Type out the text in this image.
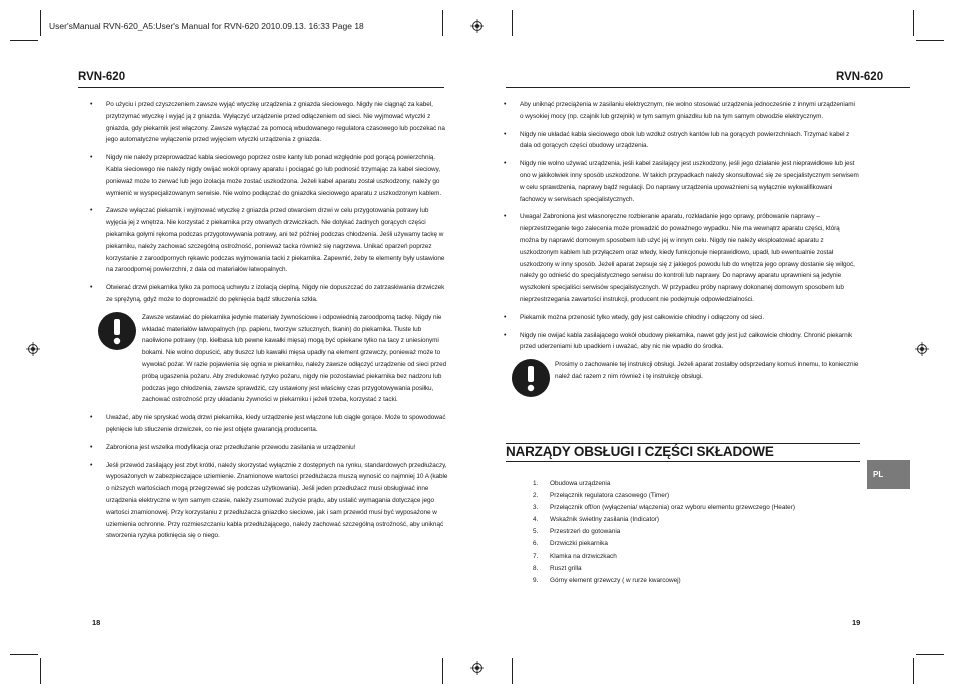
User'sManual RVN-620_A5:User's Manual for RVN-620 2010.09.13. 16:33 Page 18
RVN-620
• Po użyciu i przed czyszczeniem zawsze wyjąć wtyczkę urządzenia z gniazda sieciowego. Nigdy nie ciągnąć za kabel, przytrzymać wtyczkę i wyjąć ją z gniazda. Wyłączyć urządzenie przed odłączeniem od sieci. Nie wyjmować wtyczki z gniazda, gdy piekarnik jest włączony. Zawsze wyłączać za pomocą wbudowanego regulatora czasowego lub poczekać na jego automatyczne wyłączenie przed wyjęciem wtyczki urządzenia z gniazda.
• Nigdy nie należy przeprowadzać kabla sieciowego poprzez ostre kanty lub ponad względnie pod gorącą powierzchnią. Kabla sieciowego nie należy nigdy owijać wokół oprawy aparatu i pociągać go lub podnosić trzymając za kabel sieciowy, ponieważ może to zerwać lub jego izolacja może zostać uszkodzona. Jeżeli kabel aparatu został uszkodzony, należy go wymienić w wyspecjalizowanym serwisie. Nie wolno podłączać do gniazdka sieciowego aparatu z uszkodzonym kablem.
• Zawsze wyłączać piekarnik i wyjmować wtyczkę z gniazda przed otwarciem drzwi w celu przygotowania potrawy lub wyjęcia jej z wnętrza. Nie korzystać z piekarnika przy otwartych drzwiczkach. Nie dotykać żadnych gorących części piekarnika gołymi rękoma podczas przygotowywania potrawy, ani też później podczas chłodzenia. Jeśli używamy tackę w piekarniku, należy zachować szczególną ostrożność, ponieważ tacka również się nagrzewa. Unikać oparzeń poprzez korzystanie z zaroodpornych rękawic podczas wyjmowania tacki z piekarnika. Zapewnić, żeby te elementy były ustawione na zaroodpornej powierzchni, z dala od materiałów łatwopalnych.
• Otwierać drzwi piekarnika tylko za pomocą uchwytu z izolacją cieplną. Nigdy nie dopuszczać do zatrzaskiwania drzwiczek ze sprężyną, gdyż może to doprowadzić do pęknięcia bądź stłuczenia szkła.
Zawsze wstawiać do piekarnika jedynie materiały żywnościowe i odpowiednią zaroodporną tackę. Nigdy nie wkładać materiałów łatwopalnych (np. papieru, tworzyw sztucznych, tkanin) do piekarnika. Tłuste lub naoliwione potrawy (np. kiełbasa lub pewne kawałki mięsa) mogą być opiekane tylko na tacy z uniesionymi bokami. Nie wolno dopuścić, aby tłuszcz lub kawałki mięsa upadły na element grzewczy, ponieważ może to wywołać pożar. W razie pojawienia się ognia w piekarniku, należy zawsze odłączyć urządzenie od sieci przed próbą ugaszenia pożaru. Aby zredukować ryzyko pożaru, nigdy nie pozostawiać piekarnika bez nadzoru lub podczas jego chłodzenia, zawsze sprawdzić, czy ustawiony jest właściwy czas przygotowywania posiłku, zachować ostrożność przy układaniu żywności w piekarniku i jeżeli trzeba, korzystać z tacki.
• Uważać, aby nie spryskać wodą drzwi piekarnika, kiedy urządzenie jest włączone lub ciągle gorące. Może to spowodować pęknięcie lub stłuczenie drzwiczek, co nie jest objęte gwarancją producenta.
• Zabroniona jest wszelka modyfikacja oraz przedłużanie przewodu zasilania w urządzeniu!
• Jeśli przewód zasilający jest zbyt krótki, należy skorzystać wyłącznie z dostępnych na rynku, standardowych przedłużaczy, wyposażonych w zabezpieczające uziemienie. Znamionowe wartości przedłużacza muszą wynosić co najmniej 10 A (kable o niższych wartościach mogą przegrzewać się podczas użytkowania). Jeśli jeden przedłużacz musi obsługiwać inne urządzenia elektryczne w tym samym czasie, należy zsumować zużycie prądu, aby ustalić wymagania dotyczące jego wartości znamionowej. Przy korzystaniu z przedłużacza gniazdko sieciowe, jak i sam przewód musi być wyposażone w uziemienia ochronne. Przy rozmieszczaniu kabla przedłużającego, należy zachować szczególną ostrożność, aby uniknąć stworzenia ryzyka potknięcia się o niego.
18
RVN-620
• Aby uniknąć przeciążenia w zasilaniu elektrycznym, nie wolno stosować urządzenia jednocześnie z innymi urządzeniami o wysokiej mocy (np. czajnik lub grzejnik) w tym samym gniazdku lub na tym samym obwodzie elektrycznym.
• Nigdy nie układać kabla sieciowego obok lub wzdłuż ostrych kantów lub na gorących powierzchniach. Trzymać kabel z dala od gorących części obudowy urządzenia.
• Nigdy nie wolno używać urządzenia, jeśli kabel zasilający jest uszkodzony, jeśli jego działanie jest nieprawidłowe lub jest ono w jakikolwiek inny sposób uszkodzone. W takich przypadkach należy skonsultować się ze specjalistycznym serwisem w celu sprawdzenia, naprawy bądź regulacji. Do naprawy urządzenia upoważnieni są wyłącznie wykwalifikowani fachowcy w serwisach specjalistycznych.
• Uwaga! Zabroniona jest własnoręczne rozbieranie aparatu, rozkładanie jego oprawy, próbowanie naprawy – nieprzestrzeganie tego zalecenia może prowadzić do poważnego wypadku. Nie ma wewnątrz aparatu części, którą można by naprawić domowym sposobem lub użyć jej w innym celu. Nigdy nie należy eksploatować aparatu z uszkodzonym kablem lub przyłączem oraz wtedy, kiedy funkcjonuje nieprawidłowo, upadł, lub ewentualnie został uszkodzony w inny sposób. Jeżeli aparat zepsuje się z jakiegoś powodu lub do wnętrza jego oprawy dostanie się wilgoć, należy go odnieść do specjalistycznego serwisu do kontroli lub naprawy. Do naprawy aparatu uprawnieni są jedynie wyszkoleni specjaliści serwisów specjalistycznych. W przypadku próby naprawy dokonanej domowym sposobem lub nieprzestrzegania zawartości instrukcji, producent nie podejmuje odpowiedzialności.
• Piekarnik można przenosić tylko wtedy, gdy jest całkowicie chłodny i odłączony od sieci.
• Nigdy nie owijać kabla zasilającego wokół obudowy piekarnika, nawet gdy jest już całkowicie chłodny. Chronić piekarnik przed uderzeniami lub upadkiem i uważać, aby nic nie wpadło do środka.
Prosimy o zachowanie tej instrukcji obsługi. Jeżeli aparat zostałby odsprzedany komuś innemu, to koniecznie należ dać razem z nim również i tę instrukcję obsługi.
NARZĄDY OBSŁUGI I CZĘŚCI SKŁADOWE
1. Obudowa urządzenia
2. Przełącznik regulatora czasowego (Timer)
3. Przełącznik off/on (wyłączenia/ włączenia) oraz wyboru elementu grzewczego (Heater)
4. Wskaźnik świetlny zasilania (Indicator)
5. Przestrzeń do gotowania
6. Drzwiczki piekarnika
7. Klamka na drzwiczkach
8. Ruszt grilla
9. Górny element grzewczy ( w rurze kwarcowej)
PL
19
